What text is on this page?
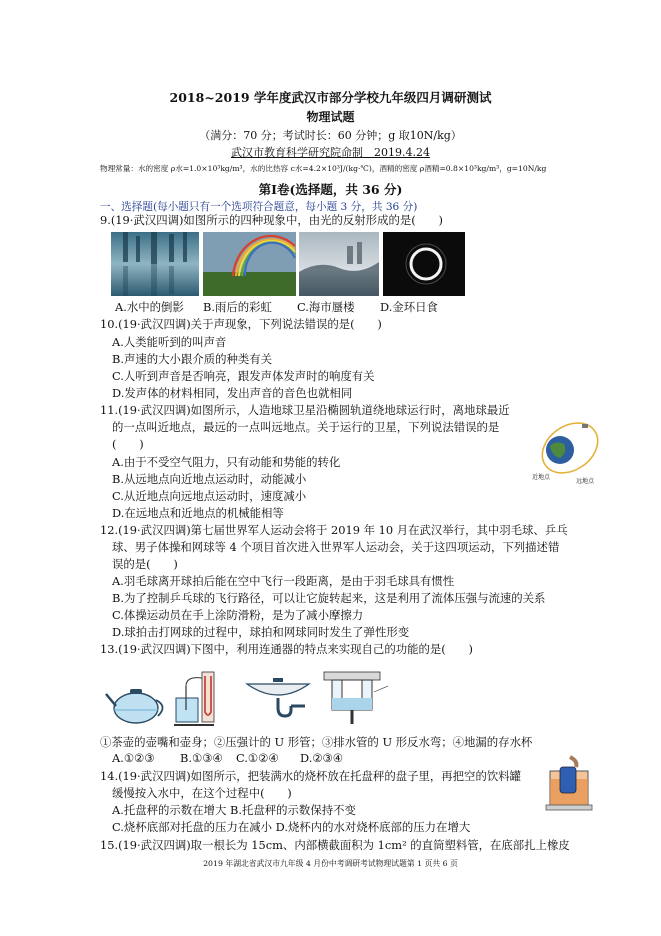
2018~2019 学年度武汉市部分学校九年级四月调研测试
物理试题
（满分：70 分；考试时长：60 分钟；g 取10N/kg）
武汉市教育科学研究院命制　2019.4.24
物理常量：水的密度 ρ水=1.0×10³kg/m³，水的比热容 c水=4.2×10³J/(kg·℃)，酒精的密度 ρ酒精=0.8×10³kg/m³，g=10N/kg
第Ⅰ卷(选择题，共 36 分)
一、选择题(每小题只有一个选项符合题意，每小题 3 分，共 36 分)
9.(19·武汉四调)如图所示的四种现象中，由光的反射形成的是(　　)
A.水中的倒影 B.雨后的彩虹 C.海市蜃楼 D.金环日食
10.(19·武汉四调)关于声现象，下列说法错误的是(　　)
A.人类能听到的叫声音
B.声速的大小跟介质的种类有关
C.人听到声音是否响亮，跟发声体发声时的响度有关
D.发声体的材料相同，发出声音的音色也就相同
11.(19·武汉四调)如图所示，人造地球卫星沿椭圆轨道绕地球运行时，离地球最近
的一点叫近地点，最远的一点叫远地点。关于运行的卫星，下列说法错误的是
(　　)
A.由于不受空气阻力，只有动能和势能的转化
B.从远地点向近地点运动时，动能减小
C.从近地点向远地点运动时，速度减小
D.在远地点和近地点的机械能相等
近地点
远地点
12.(19·武汉四调)第七届世界军人运动会将于 2019 年 10 月在武汉举行，其中羽毛球、乒乓
球、男子体操和网球等 4 个项目首次进入世界军人运动会，关于这四项运动，下列描述错
误的是(　　)
A.羽毛球离开球拍后能在空中飞行一段距离，是由于羽毛球具有惯性
B.为了控制乒乓球的飞行路径，可以让它旋转起来，这是利用了流体压强与流速的关系
C.体操运动员在手上涂防滑粉，是为了减小摩擦力
D.球拍击打网球的过程中，球拍和网球同时发生了弹性形变
13.(19·武汉四调)下图中，利用连通器的特点来实现自己的功能的是(　　)
①茶壶的壶嘴和壶身；②压强计的 U 形管；③排水管的 U 形反水弯；④地漏的存水杯
A.①②③ B.①③④ C.①②④ D.②③④
14.(19·武汉四调)如图所示，把装满水的烧杯放在托盘秤的盘子里，再把空的饮料罐
缓慢按入水中，在这个过程中(　　)
A.托盘秤的示数在增大 B.托盘秤的示数保持不变
C.烧杯底部对托盘的压力在减小 D.烧杯内的水对烧杯底部的压力在增大
15.(19·武汉四调)取一根长为 15cm、内部横截面积为 1cm² 的直筒塑料管，在底部扎上橡皮
2019 年湖北省武汉市九年级 4 月份中考调研考试物理试题第 1 页共 6 页
